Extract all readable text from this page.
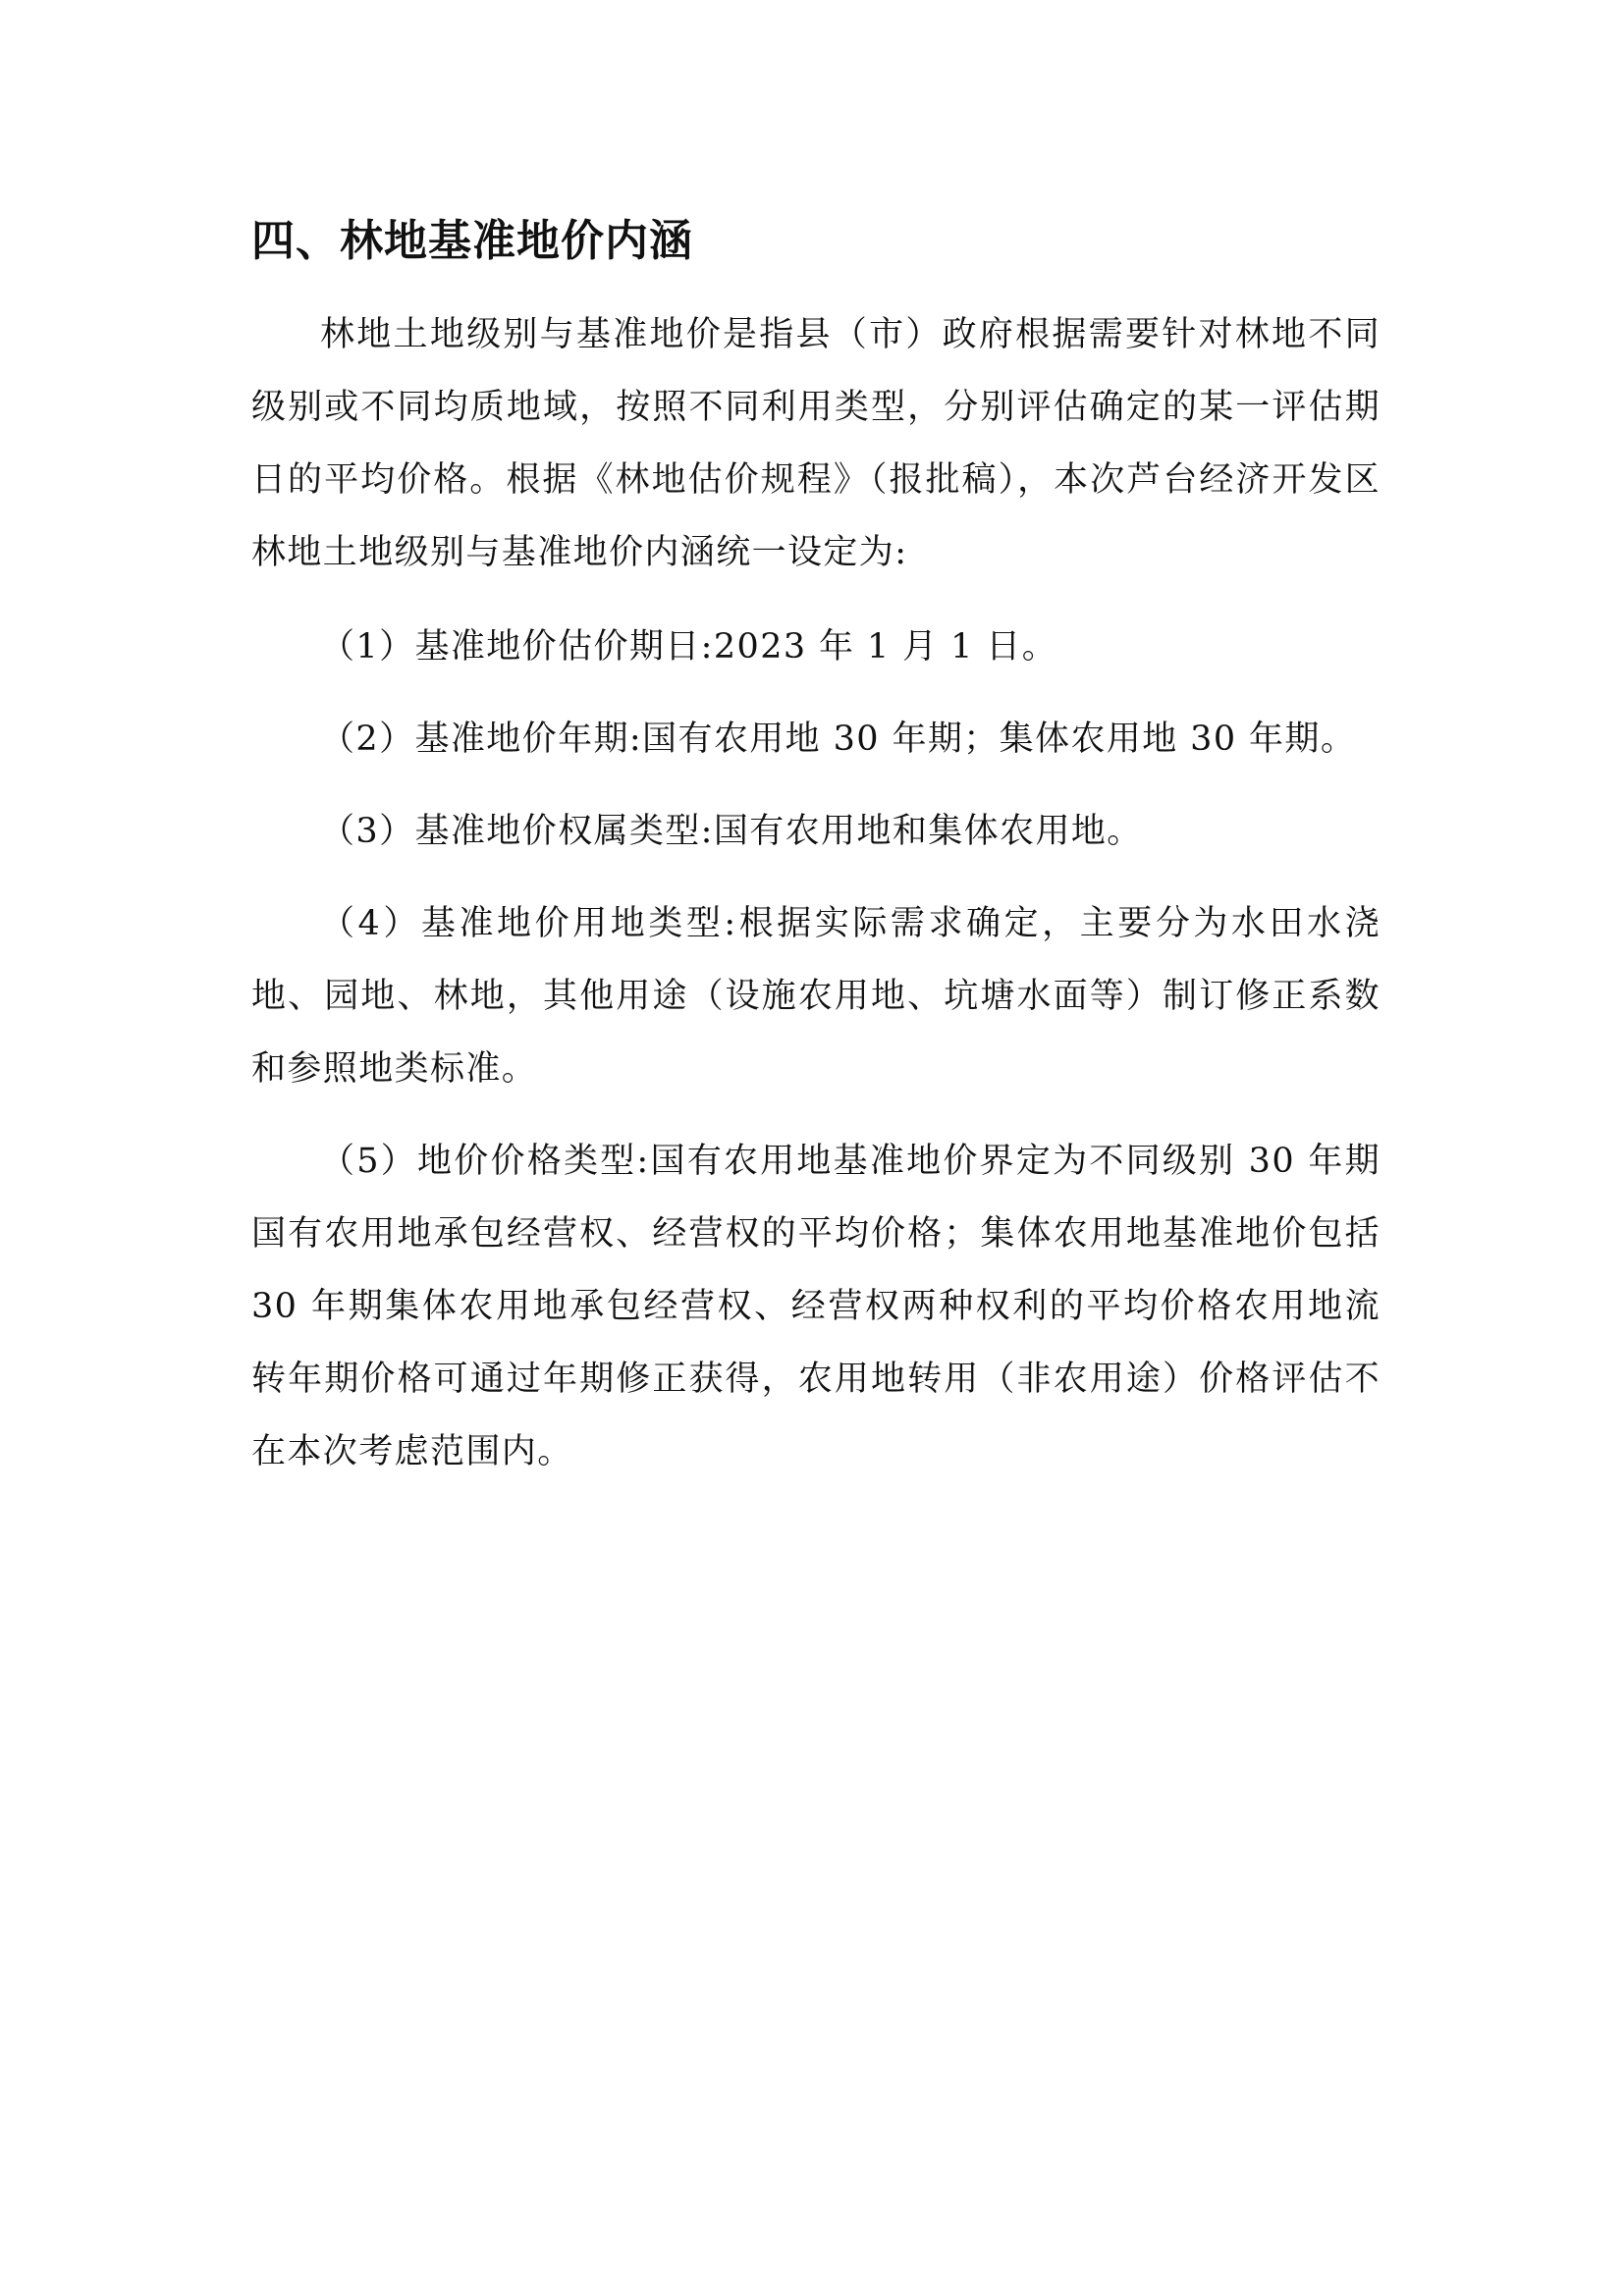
四、林地基准地价内涵

林地土地级别与基准地价是指县（市）政府根据需要针对林地不同级别或不同均质地域，按照不同利用类型，分别评估确定的某一评估期日的平均价格。根据《林地估价规程》（报批稿），本次芦台经济开发区林地土地级别与基准地价内涵统一设定为:

（1）基准地价估价期日:2023 年 1 月 1 日。

（2）基准地价年期:国有农用地 30 年期；集体农用地 30 年期。

（3）基准地价权属类型:国有农用地和集体农用地。

（4）基准地价用地类型:根据实际需求确定，主要分为水田水浇地、园地、林地，其他用途（设施农用地、坑塘水面等）制订修正系数和参照地类标准。

（5）地价价格类型:国有农用地基准地价界定为不同级别 30 年期国有农用地承包经营权、经营权的平均价格；集体农用地基准地价包括 30 年期集体农用地承包经营权、经营权两种权利的平均价格农用地流转年期价格可通过年期修正获得，农用地转用（非农用途）价格评估不在本次考虑范围内。
